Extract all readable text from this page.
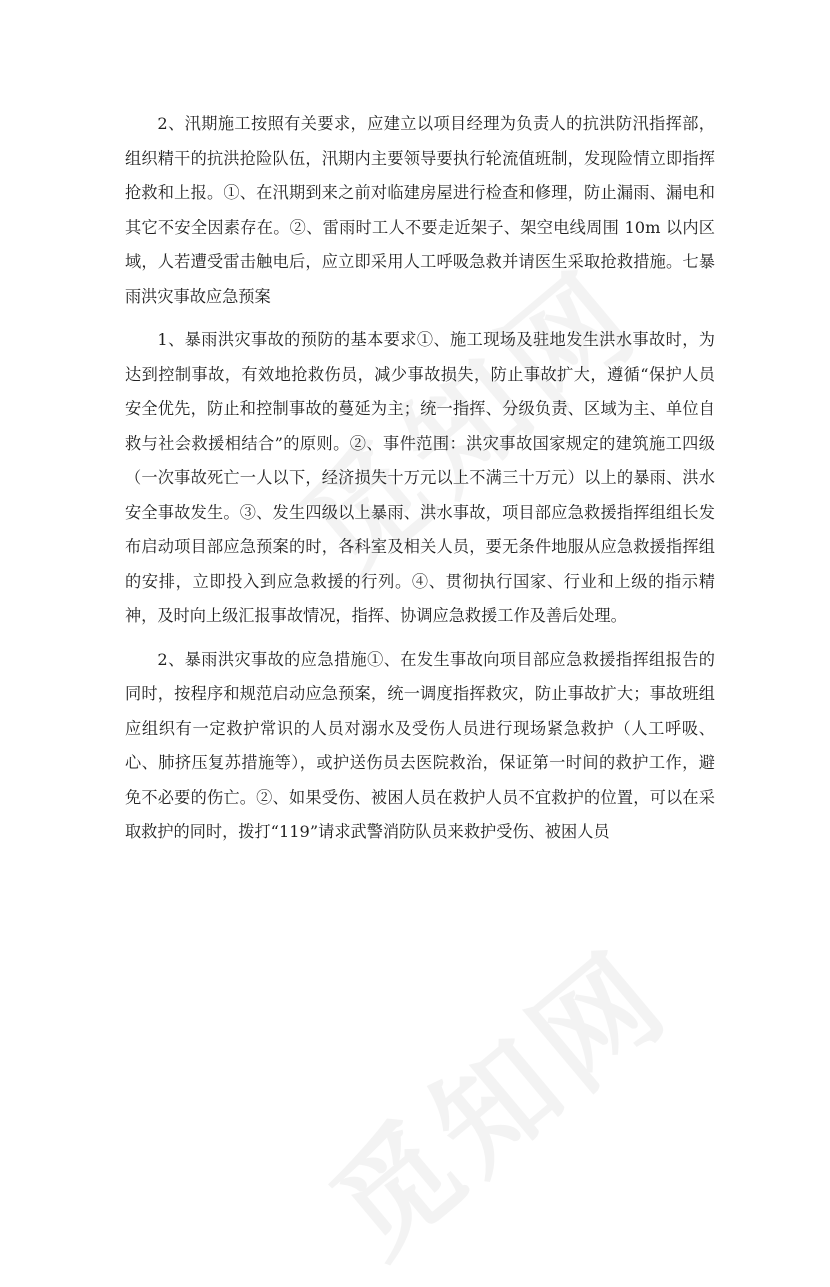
2、汛期施工按照有关要求，应建立以项目经理为负责人的抗洪防汛指挥部，组织精干的抗洪抢险队伍，汛期内主要领导要执行轮流值班制，发现险情立即指挥抢救和上报。①、在汛期到来之前对临建房屋进行检查和修理，防止漏雨、漏电和其它不安全因素存在。②、雷雨时工人不要走近架子、架空电线周围 10m 以内区域，人若遭受雷击触电后，应立即采用人工呼吸急救并请医生采取抢救措施。七暴雨洪灾事故应急预案

1、暴雨洪灾事故的预防的基本要求①、施工现场及驻地发生洪水事故时，为达到控制事故，有效地抢救伤员，减少事故损失，防止事故扩大，遵循“保护人员安全优先，防止和控制事故的蔓延为主；统一指挥、分级负责、区域为主、单位自救与社会救援相结合”的原则。②、事件范围：洪灾事故国家规定的建筑施工四级（一次事故死亡一人以下，经济损失十万元以上不满三十万元）以上的暴雨、洪水安全事故发生。③、发生四级以上暴雨、洪水事故，项目部应急救援指挥组组长发布启动项目部应急预案的时，各科室及相关人员，要无条件地服从应急救援指挥组的安排，立即投入到应急救援的行列。④、贯彻执行国家、行业和上级的指示精神，及时向上级汇报事故情况，指挥、协调应急救援工作及善后处理。

2、暴雨洪灾事故的应急措施①、在发生事故向项目部应急救援指挥组报告的同时，按程序和规范启动应急预案，统一调度指挥救灾，防止事故扩大；事故班组应组织有一定救护常识的人员对溺水及受伤人员进行现场紧急救护（人工呼吸、心、肺挤压复苏措施等），或护送伤员去医院救治，保证第一时间的救护工作，避免不必要的伤亡。②、如果受伤、被困人员在救护人员不宜救护的位置，可以在采取救护的同时，拨打“119”请求武警消防队员来救护受伤、被困人员
